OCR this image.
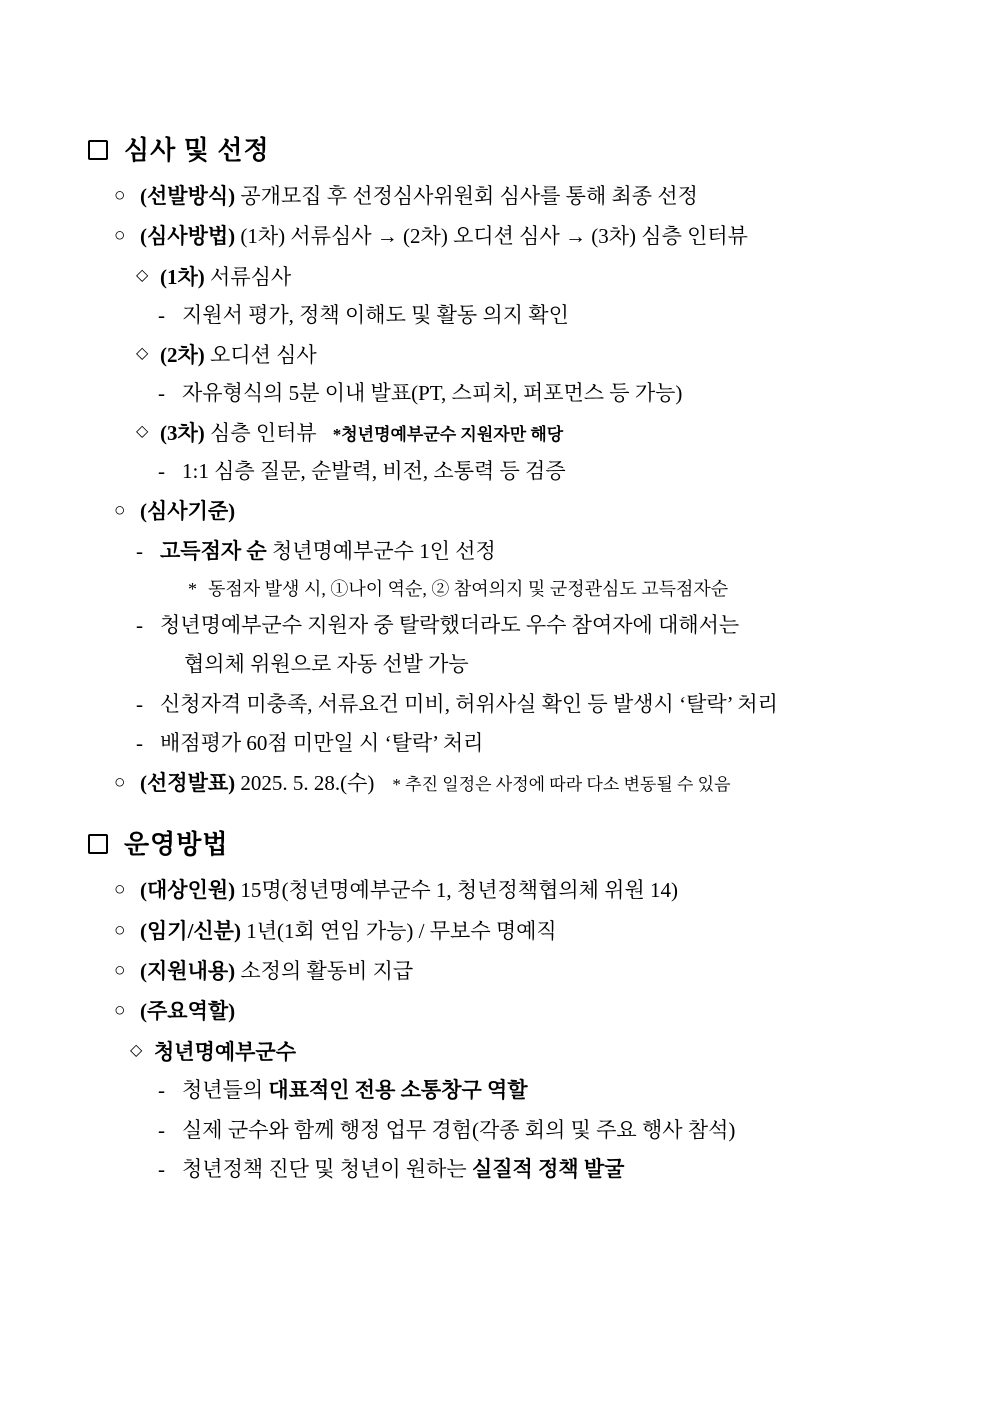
심사 및 선정
○ (선발방식) 공개모집 후 선정심사위원회 심사를 통해 최종 선정
○ (심사방법) (1차) 서류심사 → (2차) 오디션 심사 → (3차) 심층 인터뷰
◇ (1차) 서류심사
- 지원서 평가, 정책 이해도 및 활동 의지 확인
◇ (2차) 오디션 심사
- 자유형식의 5분 이내 발표(PT, 스피치, 퍼포먼스 등 가능)
◇ (3차) 심층 인터뷰 *청년명예부군수 지원자만 해당
- 1:1 심층 질문, 순발력, 비전, 소통력 등 검증
○ (심사기준)
- 고득점자 순 청년명예부군수 1인 선정
* 동점자 발생 시, ①나이 역순, ② 참여의지 및 군정관심도 고득점자순
- 청년명예부군수 지원자 중 탈락했더라도 우수 참여자에 대해서는
협의체 위원으로 자동 선발 가능
- 신청자격 미충족, 서류요건 미비, 허위사실 확인 등 발생시 ‘탈락’ 처리
- 배점평가 60점 미만일 시 ‘탈락’ 처리
○ (선정발표) 2025. 5. 28.(수) * 추진 일정은 사정에 따라 다소 변동될 수 있음
운영방법
○ (대상인원) 15명(청년명예부군수 1, 청년정책협의체 위원 14)
○ (임기/신분) 1년(1회 연임 가능) / 무보수 명예직
○ (지원내용) 소정의 활동비 지급
○ (주요역할)
◇ 청년명예부군수
- 청년들의 대표적인 전용 소통창구 역할
- 실제 군수와 함께 행정 업무 경험(각종 회의 및 주요 행사 참석)
- 청년정책 진단 및 청년이 원하는 실질적 정책 발굴
